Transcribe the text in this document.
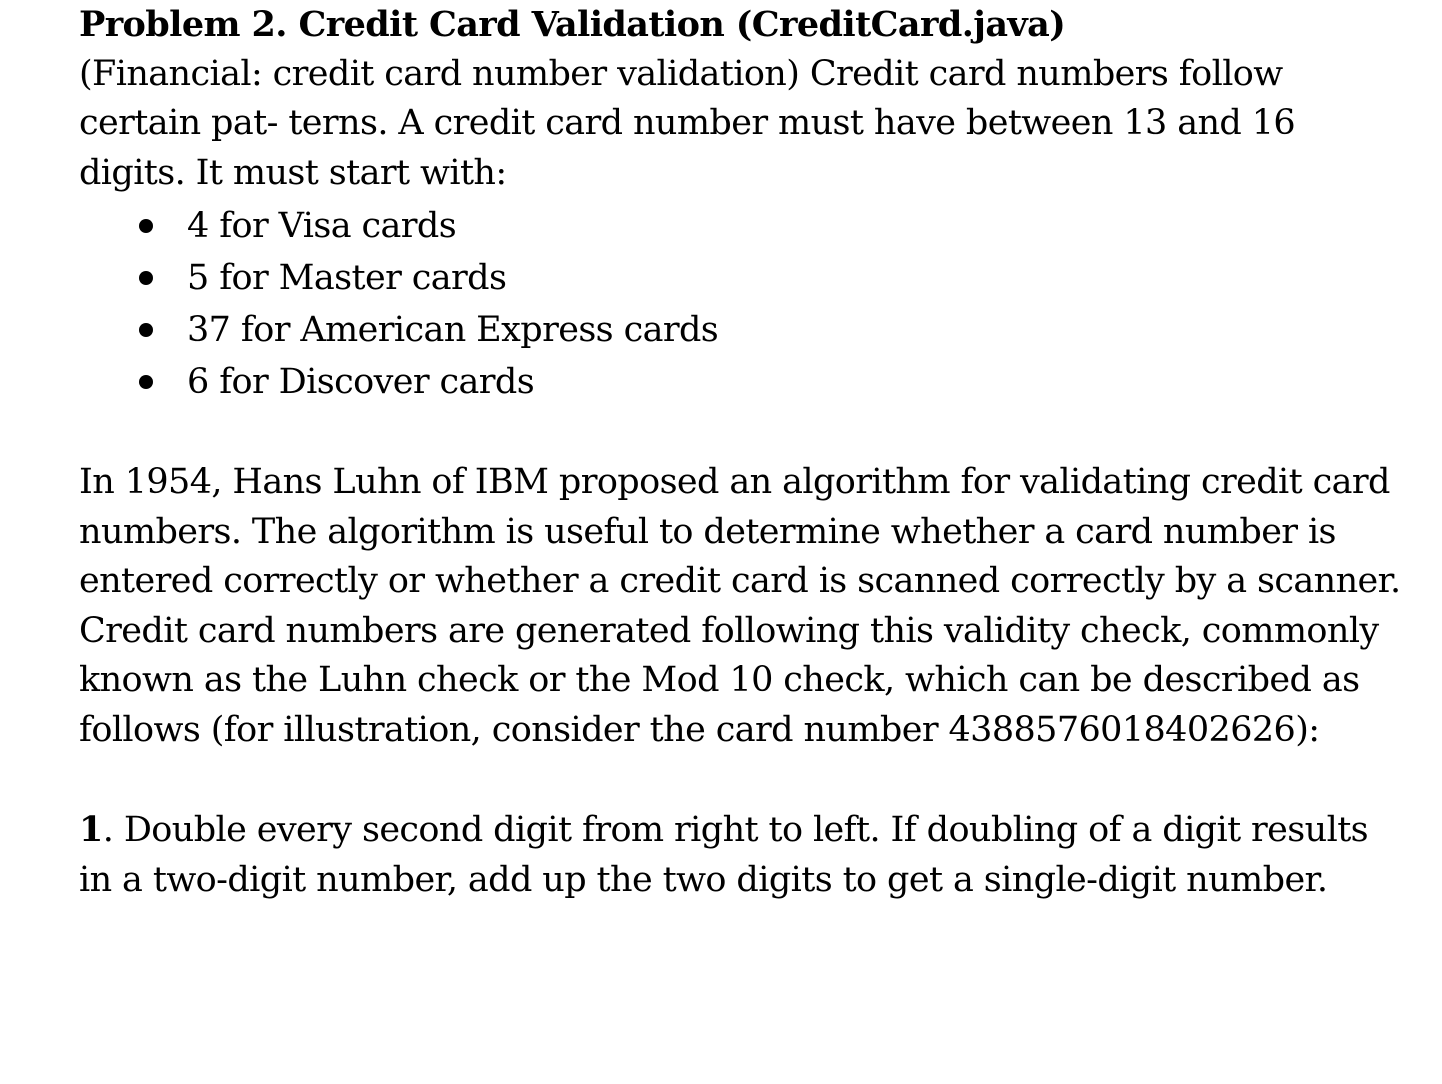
Problem 2. Credit Card Validation (CreditCard.java)

(Financial: credit card number validation) Credit card numbers follow certain pat- terns. A credit card number must have between 13 and 16 digits. It must start with:

4 for Visa cards
5 for Master cards
37 for American Express cards
6 for Discover cards

In 1954, Hans Luhn of IBM proposed an algorithm for validating credit card numbers. The algorithm is useful to determine whether a card number is entered correctly or whether a credit card is scanned correctly by a scanner. Credit card numbers are generated following this validity check, commonly known as the Luhn check or the Mod 10 check, which can be described as follows (for illustration, consider the card number 4388576018402626):

1. Double every second digit from right to left. If doubling of a digit results in a two-digit number, add up the two digits to get a single-digit number.
